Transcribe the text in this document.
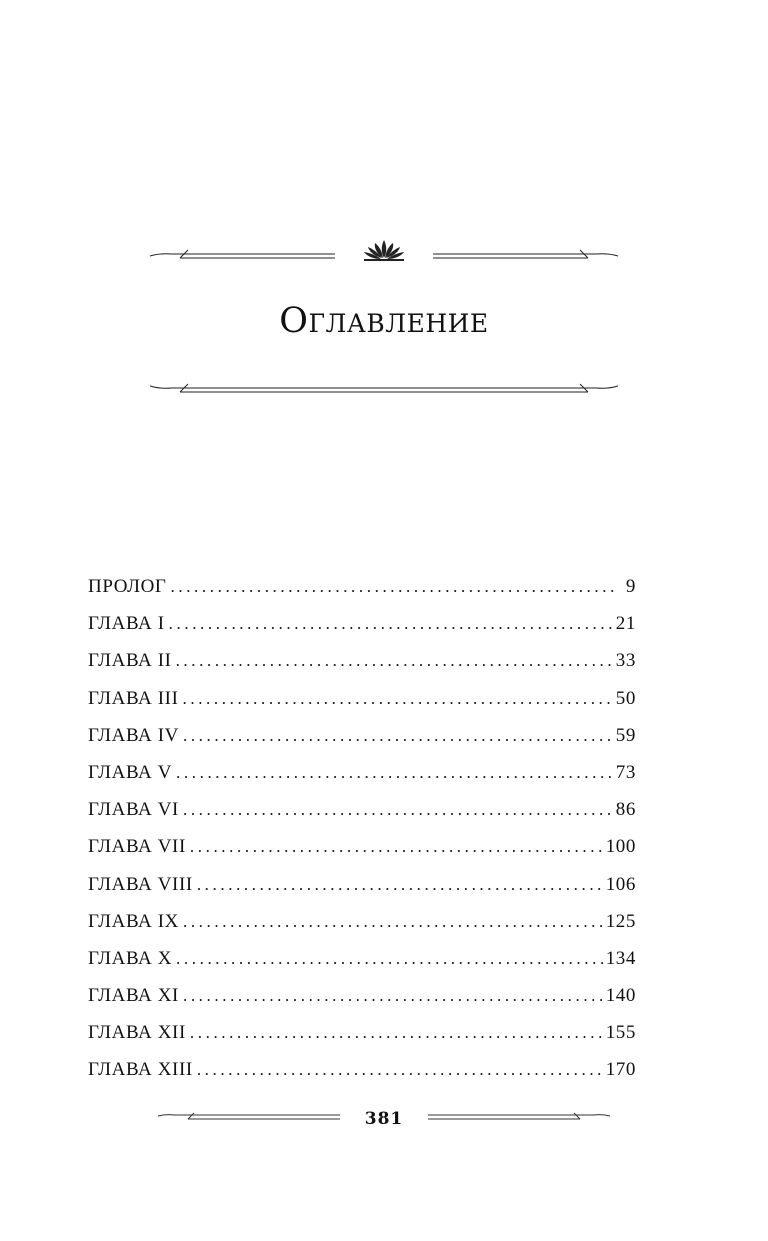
Оглавление
ПРОЛОГ .....	9
ГЛАВА I .....	21
ГЛАВА II .....	33
ГЛАВА III .....	50
ГЛАВА IV .....	59
ГЛАВА V .....	73
ГЛАВА VI .....	86
ГЛАВА VII .....	100
ГЛАВА VIII .....	106
ГЛАВА IX .....	125
ГЛАВА X .....	134
ГЛАВА XI .....	140
ГЛАВА XII .....	155
ГЛАВА XIII .....	170
381
